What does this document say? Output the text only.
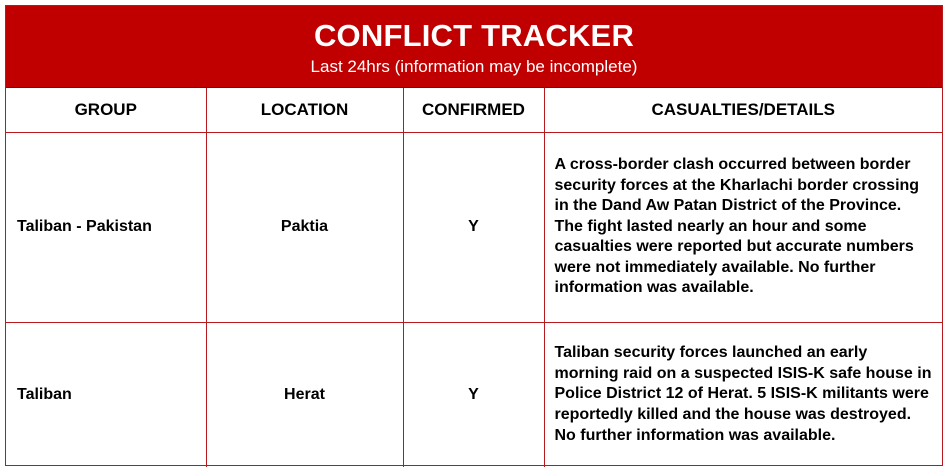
CONFLICT TRACKER
Last 24hrs (information may be incomplete)
GROUP	LOCATION	CONFIRMED	CASUALTIES/DETAILS
Taliban - Pakistan	Paktia	Y	A cross-border clash occurred between border security forces at the Kharlachi border crossing in the Dand Aw Patan District of the Province. The fight lasted nearly an hour and some casualties were reported but accurate numbers were not immediately available. No further information was available.
Taliban	Herat	Y	Taliban security forces launched an early morning raid on a suspected ISIS-K safe house in Police District 12 of Herat. 5 ISIS-K militants were reportedly killed and the house was destroyed. No further information was available.
